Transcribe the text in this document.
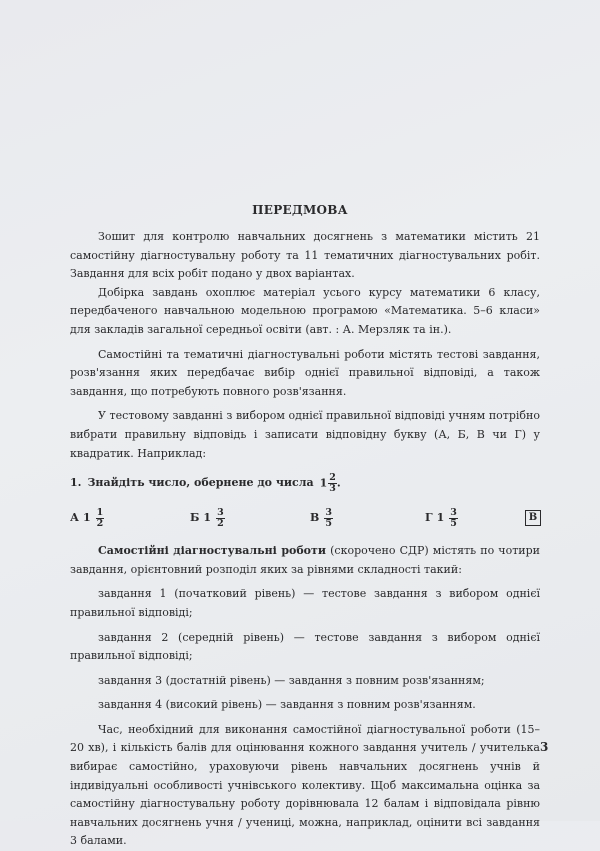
ПЕРЕДМОВА

Зошит для контролю навчальних досягнень з математики містить 21 самостійну діагностувальну роботу та 11 тематичних діагностувальних робіт. Завдання для всіх робіт подано у двох варіантах.

Добірка завдань охоплює матеріал усього курсу математики 6 класу, передбаченого навчальною модельною програмою «Математика. 5–6 класи» для закладів загальної середньої освіти (авт. : А. Мерзляк та ін.).

Самостійні та тематичні діагностувальні роботи містять тестові завдання, розв'язання яких передбачає вибір однієї правильної відповіді, а також завдання, що потребують повного розв'язання.

У тестовому завданні з вибором однієї правильної відповіді учням потрібно вибрати правильну відповідь і записати відповідну букву (А, Б, В чи Г) у квадратик. Наприклад:

1. Знайдіть число, обернене до числа $1 \frac{2}{3}$ .
А $1 \frac{1}{2}$	Б $1 \frac{3}{2}$	В $\frac{3}{5}$	Г $1 \frac{3}{5}$	В

Самостійні діагностувальні роботи (скорочено СДР) містять по чотири завдання, орієнтовний розподіл яких за рівнями складності такий:

завдання 1 (початковий рівень) — тестове завдання з вибором однієї правильної відповіді;

завдання 2 (середній рівень) — тестове завдання з вибором однієї правильної відповіді;

завдання 3 (достатній рівень) — завдання з повним розв'язанням;

завдання 4 (високий рівень) — завдання з повним розв'язанням.

Час, необхідний для виконання самостійної діагностувальної роботи (15–20 хв), і кількість балів для оцінювання кожного завдання учитель / учителька вибирає самостійно, ураховуючи рівень навчальних досягнень учнів й індивідуальні особливості учнівського колективу. Щоб максимальна оцінка за самостійну діагностувальну роботу дорівнювала 12 балам і відповідала рівню навчальних досягнень учня / учениці, можна, наприклад, оцінити всі завдання 3 балами.

3
